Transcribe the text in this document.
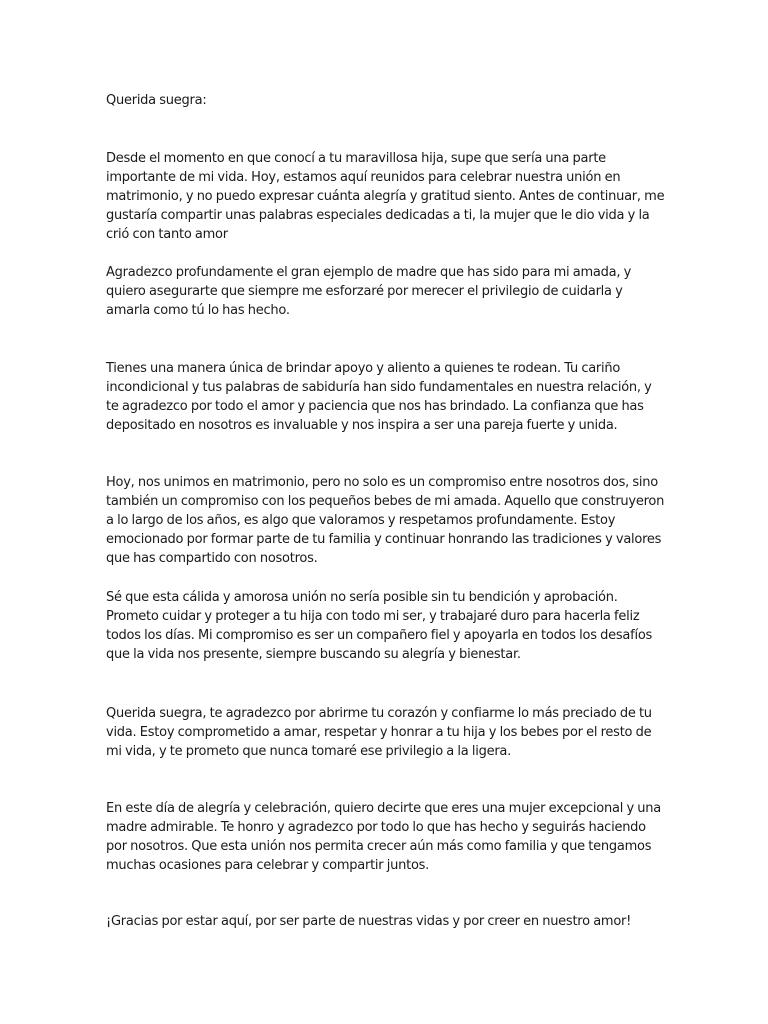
Querida suegra:

Desde el momento en que conocí a tu maravillosa hija, supe que sería una parte importante de mi vida. Hoy, estamos aquí reunidos para celebrar nuestra unión en matrimonio, y no puedo expresar cuánta alegría y gratitud siento. Antes de continuar, me gustaría compartir unas palabras especiales dedicadas a ti, la mujer que le dio vida y la crió con tanto amor

Agradezco profundamente el gran ejemplo de madre que has sido para mi amada, y quiero asegurarte que siempre me esforzaré por merecer el privilegio de cuidarla y amarla como tú lo has hecho.

Tienes una manera única de brindar apoyo y aliento a quienes te rodean. Tu cariño incondicional y tus palabras de sabiduría han sido fundamentales en nuestra relación, y te agradezco por todo el amor y paciencia que nos has brindado. La confianza que has depositado en nosotros es invaluable y nos inspira a ser una pareja fuerte y unida.

Hoy, nos unimos en matrimonio, pero no solo es un compromiso entre nosotros dos, sino también un compromiso con los pequeños bebes de mi amada. Aquello que construyeron a lo largo de los años, es algo que valoramos y respetamos profundamente. Estoy emocionado por formar parte de tu familia y continuar honrando las tradiciones y valores que has compartido con nosotros.

Sé que esta cálida y amorosa unión no sería posible sin tu bendición y aprobación. Prometo cuidar y proteger a tu hija con todo mi ser, y trabajaré duro para hacerla feliz todos los días. Mi compromiso es ser un compañero fiel y apoyarla en todos los desafíos que la vida nos presente, siempre buscando su alegría y bienestar.

Querida suegra, te agradezco por abrirme tu corazón y confiarme lo más preciado de tu vida. Estoy comprometido a amar, respetar y honrar a tu hija y los bebes por el resto de mi vida, y te prometo que nunca tomaré ese privilegio a la ligera.

En este día de alegría y celebración, quiero decirte que eres una mujer excepcional y una madre admirable. Te honro y agradezco por todo lo que has hecho y seguirás haciendo por nosotros. Que esta unión nos permita crecer aún más como familia y que tengamos muchas ocasiones para celebrar y compartir juntos.

¡Gracias por estar aquí, por ser parte de nuestras vidas y por creer en nuestro amor!
